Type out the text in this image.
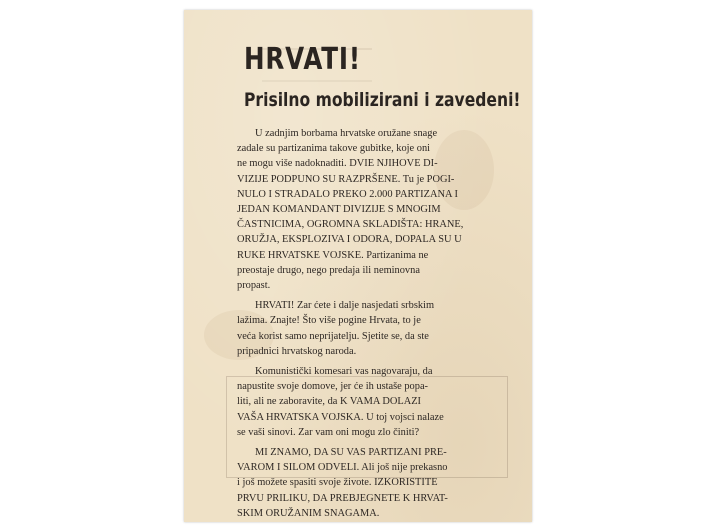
HRVATI!
Prisilno mobilizirani i zavedeni!

U zadnjim borbama hrvatske oružane snage
zadale su partizanima takove gubitke, koje oni
ne mogu više nadoknaditi. DVIE NJIHOVE DI-
VIZIJE PODPUNO SU RAZPRŠENE. Tu je POGI-
NULO I STRADALO PREKO 2.000 PARTIZANA I
JEDAN KOMANDANT DIVIZIJE S MNOGIM
ČASTNICIMA, OGROMNA SKLADIŠTA: HRANE,
ORUŽJA, EKSPLOZIVA I ODORA, DOPALA SU U
RUKE HRVATSKE VOJSKE. Partizanima ne
preostaje drugo, nego predaja ili neminovna
propast.

HRVATI! Zar ćete i dalje nasjedati srbskim
lažima. Znajte! Što više pogine Hrvata, to je
veća korist samo neprijatelju. Sjetite se, da ste
pripadnici hrvatskog naroda.

Komunistički komesari vas nagovaraju, da
napustite svoje domove, jer će ih ustaše popa-
liti, ali ne zaboravite, da K VAMA DOLAZI
VAŠA HRVATSKA VOJSKA. U toj vojsci nalaze
se vaši sinovi. Zar vam oni mogu zlo činiti?

MI ZNAMO, DA SU VAS PARTIZANI PRE-
VAROM I SILOM ODVELI. Ali još nije prekasno
i još možete spasiti svoje živote. IZKORISTITE
PRVU PRILIKU, DA PREBJEGNETE K HRVAT-
SKIM ORUŽANIM SNAGAMA.
